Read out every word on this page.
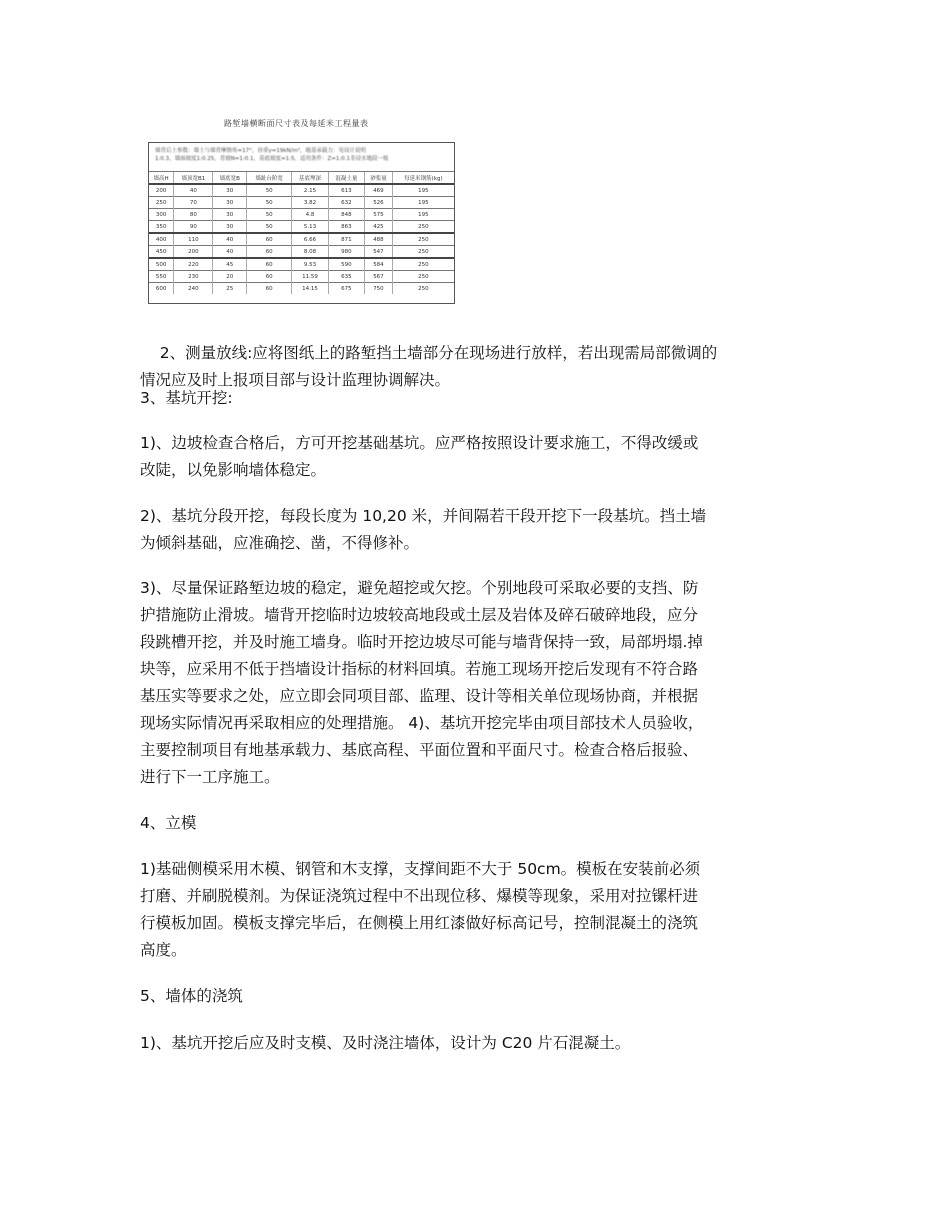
路堑墙横断面尺寸表及每延米工程量表
墙背后土参数：墙土与墙背摩擦角=17°，容重γ=19kN/m³，地基承载力：见设计说明
1:0.3，墙面坡度1:0.25，背坡N=1:0.1，基底坡度=1:5，适用条件：Z=1:0.1非浸水地段一般
墙高H	墙顶宽B1	墙底宽B	墙趾台阶宽	基底埋深	混凝土量	砂浆量	每延米钢筋(kg)
200	40	30	50	2.15	613	469	195
250	70	30	50	3.82	632	526	195
300	80	30	50	4.8	848	575	195
350	90	30	50	5.13	863	425	250
400	110	40	60	6.66	871	488	250
450	200	40	60	8.08	980	547	250
500	220	45	60	9.53	590	584	250
550	230	20	60	11.59	635	567	250
600	240	25	60	14.15	675	750	250

2、测量放线:应将图纸上的路堑挡土墙部分在现场进行放样，若出现需局部微调的
情况应及时上报项目部与设计监理协调解决。

3、基坑开挖:

1)、边坡检查合格后，方可开挖基础基坑。应严格按照设计要求施工，不得改缓或
改陡，以免影响墙体稳定。

2)、基坑分段开挖，每段长度为 10,20 米，并间隔若干段开挖下一段基坑。挡土墙
为倾斜基础，应准确挖、凿，不得修补。

3)、尽量保证路堑边坡的稳定，避免超挖或欠挖。个别地段可采取必要的支挡、防
护措施防止滑坡。墙背开挖临时边坡较高地段或土层及岩体及碎石破碎地段，应分
段跳槽开挖，并及时施工墙身。临时开挖边坡尽可能与墙背保持一致，局部坍塌.掉
块等，应采用不低于挡墙设计指标的材料回填。若施工现场开挖后发现有不符合路
基压实等要求之处，应立即会同项目部、监理、设计等相关单位现场协商，并根据
现场实际情况再采取相应的处理措施。 4)、基坑开挖完毕由项目部技术人员验收，
主要控制项目有地基承载力、基底高程、平面位置和平面尺寸。检查合格后报验、
进行下一工序施工。

4、立模

1)基础侧模采用木模、钢管和木支撑，支撑间距不大于 50cm。模板在安装前必须
打磨、并刷脱模剂。为保证浇筑过程中不出现位移、爆模等现象，采用对拉镙杆进
行模板加固。模板支撑完毕后，在侧模上用红漆做好标高记号，控制混凝土的浇筑
高度。

5、墙体的浇筑

1)、基坑开挖后应及时支模、及时浇注墙体，设计为 C20 片石混凝土。
